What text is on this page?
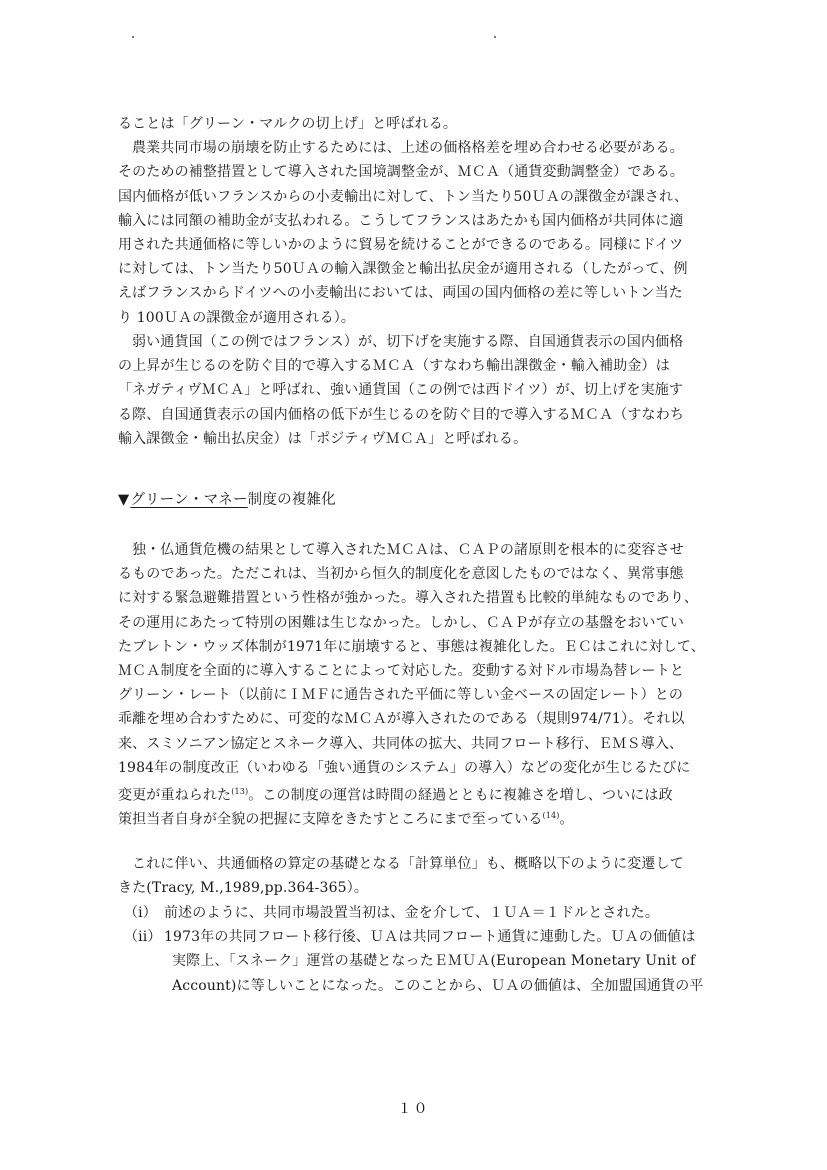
ることは「グリーン・マルクの切上げ」と呼ばれる。
農業共同市場の崩壊を防止するためには、上述の価格格差を埋め合わせる必要がある。
そのための補整措置として導入された国境調整金が、ＭＣＡ（通貨変動調整金）である。
国内価格が低いフランスからの小麦輸出に対して、トン当たり50ＵＡの課徴金が課され、
輸入には同額の補助金が支払われる。こうしてフランスはあたかも国内価格が共同体に適
用された共通価格に等しいかのように貿易を続けることができるのである。同様にドイツ
に対しては、トン当たり50ＵＡの輸入課徴金と輸出払戻金が適用される（したがって、例
えばフランスからドイツへの小麦輸出においては、両国の国内価格の差に等しいトン当た
り 100ＵＡの課徴金が適用される）。
弱い通貨国（この例ではフランス）が、切下げを実施する際、自国通貨表示の国内価格
の上昇が生じるのを防ぐ目的で導入するＭＣＡ（すなわち輸出課徴金・輸入補助金）は
「ネガティヴＭＣＡ」と呼ばれ、強い通貨国（この例では西ドイツ）が、切上げを実施す
る際、自国通貨表示の国内価格の低下が生じるのを防ぐ目的で導入するＭＣＡ（すなわち
輸入課徴金・輸出払戻金）は「ポジティヴＭＣＡ」と呼ばれる。
▼グリーン・マネー制度の複雑化
独・仏通貨危機の結果として導入されたＭＣＡは、ＣＡＰの諸原則を根本的に変容させ
るものであった。ただこれは、当初から恒久的制度化を意図したものではなく、異常事態
に対する緊急避難措置という性格が強かった。導入された措置も比較的単純なものであり、
その運用にあたって特別の困難は生じなかった。しかし、ＣＡＰが存立の基盤をおいてい
たブレトン・ウッズ体制が1971年に崩壊すると、事態は複雑化した。ＥＣはこれに対して、
ＭＣＡ制度を全面的に導入することによって対応した。変動する対ドル市場為替レートと
グリーン・レート（以前にＩＭＦに通告された平価に等しい金ベースの固定レート）との
乖離を埋め合わすために、可変的なＭＣＡが導入されたのである（規則974/71）。それ以
来、スミソニアン協定とスネーク導入、共同体の拡大、共同フロート移行、ＥＭＳ導入、
1984年の制度改正（いわゆる「強い通貨のシステム」の導入）などの変化が生じるたびに
変更が重ねられた$^{(13)}$。この制度の運営は時間の経過とともに複雑さを増し、ついには政
策担当者自身が全貌の把握に支障をきたすところにまで至っている$^{(14)}$。
これに伴い、共通価格の算定の基礎となる「計算単位」も、概略以下のように変遷して
きた(Tracy, M.,1989,pp.364-365）。
（i） 前述のように、共同市場設置当初は、金を介して、１ＵＡ＝１ドルとされた。
（ii） 1973年の共同フロート移行後、ＵＡは共同フロート通貨に連動した。ＵＡの価値は
実際上、「スネーク」運営の基礎となったＥＭＵＡ(European Monetary Unit of
Account)に等しいことになった。このことから、ＵＡの価値は、全加盟国通貨の平
１０
